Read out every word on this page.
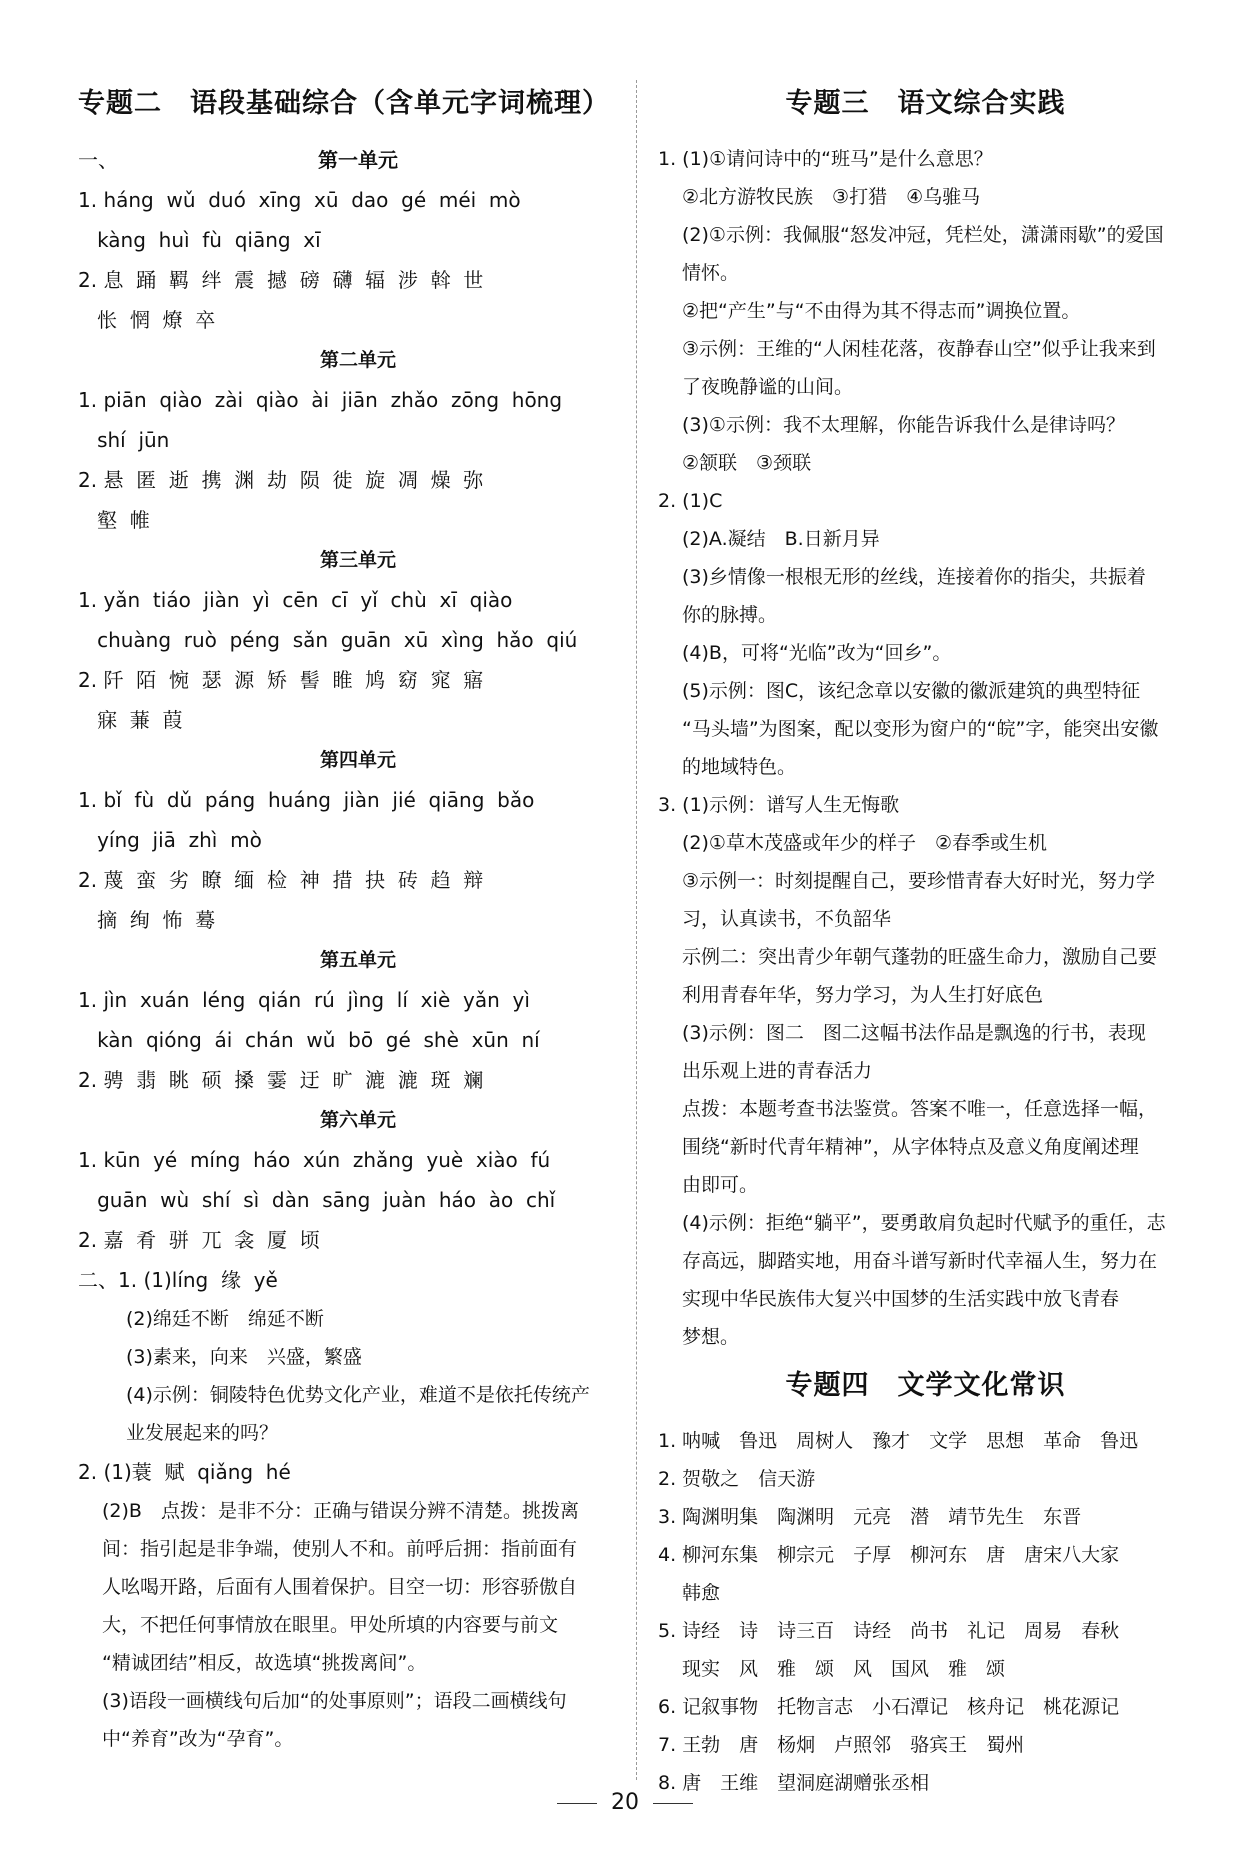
专题二　语段基础综合（含单元字词梳理）
一、	第一单元
1. háng  wǔ  duó  xīng  xū  dao  gé  méi  mò
kàng  huì  fù  qiāng  xī
2. 息  踊  羁  绊  震  撼  磅  礴  辐  涉  斡  世
怅  惘  燎  卒
第二单元
1. piān  qiào  zài  qiào  ài  jiān  zhǎo  zōng  hōng
shí  jūn
2. 悬  匿  逝  携  渊  劫  陨  徙  旋  凋  燥  弥
壑  帷
第三单元
1. yǎn  tiáo  jiàn  yì  cēn  cī  yǐ  chù  xī  qiào
chuàng  ruò  péng  sǎn  guān  xū  xìng  hǎo  qiú
2. 阡  陌  惋  瑟  源  矫  髻  睢  鸠  窈  窕  寤
寐  蒹  葭
第四单元
1. bǐ  fù  dǔ  páng  huáng  jiàn  jié  qiāng  bǎo
yíng  jiā  zhì  mò
2. 蔑  蛮  劣  瞭  缅  检  神  措  抉  砖  趋  辩
摘  绚  怖  蓦
第五单元
1. jìn  xuán  léng  qián  rú  jìng  lí  xiè  yǎn  yì
kàn  qióng  ái  chán  wǔ  bō  gé  shè  xūn  ní
2. 骋  翡  眺  硕  搡  霎  迂  旷  漉  漉  斑  斓
第六单元
1. kūn  yé  míng  háo  xún  zhǎng  yuè  xiào  fú
guān  wù  shí  sì  dàn  sāng  juàn  háo  ào  chǐ
2. 嘉  肴  骈  兀  衾  厦  顷
二、1. (1)líng  缘  yě
(2)绵廷不断　绵延不断
(3)素来，向来　兴盛，繁盛
(4)示例：铜陵特色优势文化产业，难道不是依托传统产
业发展起来的吗？
2. (1)蓑  赋  qiǎng  hé
(2)B　点拨：是非不分：正确与错误分辨不清楚。挑拨离
间：指引起是非争端，使别人不和。前呼后拥：指前面有
人吆喝开路，后面有人围着保护。目空一切：形容骄傲自
大，不把任何事情放在眼里。甲处所填的内容要与前文
“精诚团结”相反，故选填“挑拨离间”。
(3)语段一画横线句后加“的处事原则”；语段二画横线句
中“养育”改为“孕育”。
专题三　语文综合实践
1. (1)①请问诗中的“班马”是什么意思？
②北方游牧民族　③打猎　④乌骓马
(2)①示例：我佩服“怒发冲冠，凭栏处，潇潇雨歇”的爱国
情怀。
②把“产生”与“不由得为其不得志而”调换位置。
③示例：王维的“人闲桂花落，夜静春山空”似乎让我来到
了夜晚静谧的山间。
(3)①示例：我不太理解，你能告诉我什么是律诗吗？
②颔联　③颈联
2. (1)C
(2)A.凝结　B.日新月异
(3)乡情像一根根无形的丝线，连接着你的指尖，共振着
你的脉搏。
(4)B，可将“光临”改为“回乡”。
(5)示例：图C，该纪念章以安徽的徽派建筑的典型特征
“马头墙”为图案，配以变形为窗户的“皖”字，能突出安徽
的地域特色。
3. (1)示例：谱写人生无悔歌
(2)①草木茂盛或年少的样子　②春季或生机
③示例一：时刻提醒自己，要珍惜青春大好时光，努力学
习，认真读书，不负韶华
示例二：突出青少年朝气蓬勃的旺盛生命力，激励自己要
利用青春年华，努力学习，为人生打好底色
(3)示例：图二　图二这幅书法作品是飘逸的行书，表现
出乐观上进的青春活力
点拨：本题考查书法鉴赏。答案不唯一，任意选择一幅，
围绕“新时代青年精神”，从字体特点及意义角度阐述理
由即可。
(4)示例：拒绝“躺平”，要勇敢肩负起时代赋予的重任，志
存高远，脚踏实地，用奋斗谱写新时代幸福人生，努力在
实现中华民族伟大复兴中国梦的生活实践中放飞青春
梦想。
专题四　文学文化常识
1. 呐喊　鲁迅　周树人　豫才　文学　思想　革命　鲁迅
2. 贺敬之　信天游
3. 陶渊明集　陶渊明　元亮　潜　靖节先生　东晋
4. 柳河东集　柳宗元　子厚　柳河东　唐　唐宋八大家
韩愈
5. 诗经　诗　诗三百　诗经　尚书　礼记　周易　春秋
现实　风　雅　颂　风　国风　雅　颂
6. 记叙事物　托物言志　小石潭记　核舟记　桃花源记
7. 王勃　唐　杨炯　卢照邻　骆宾王　蜀州
8. 唐　王维　望洞庭湖赠张丞相
20
